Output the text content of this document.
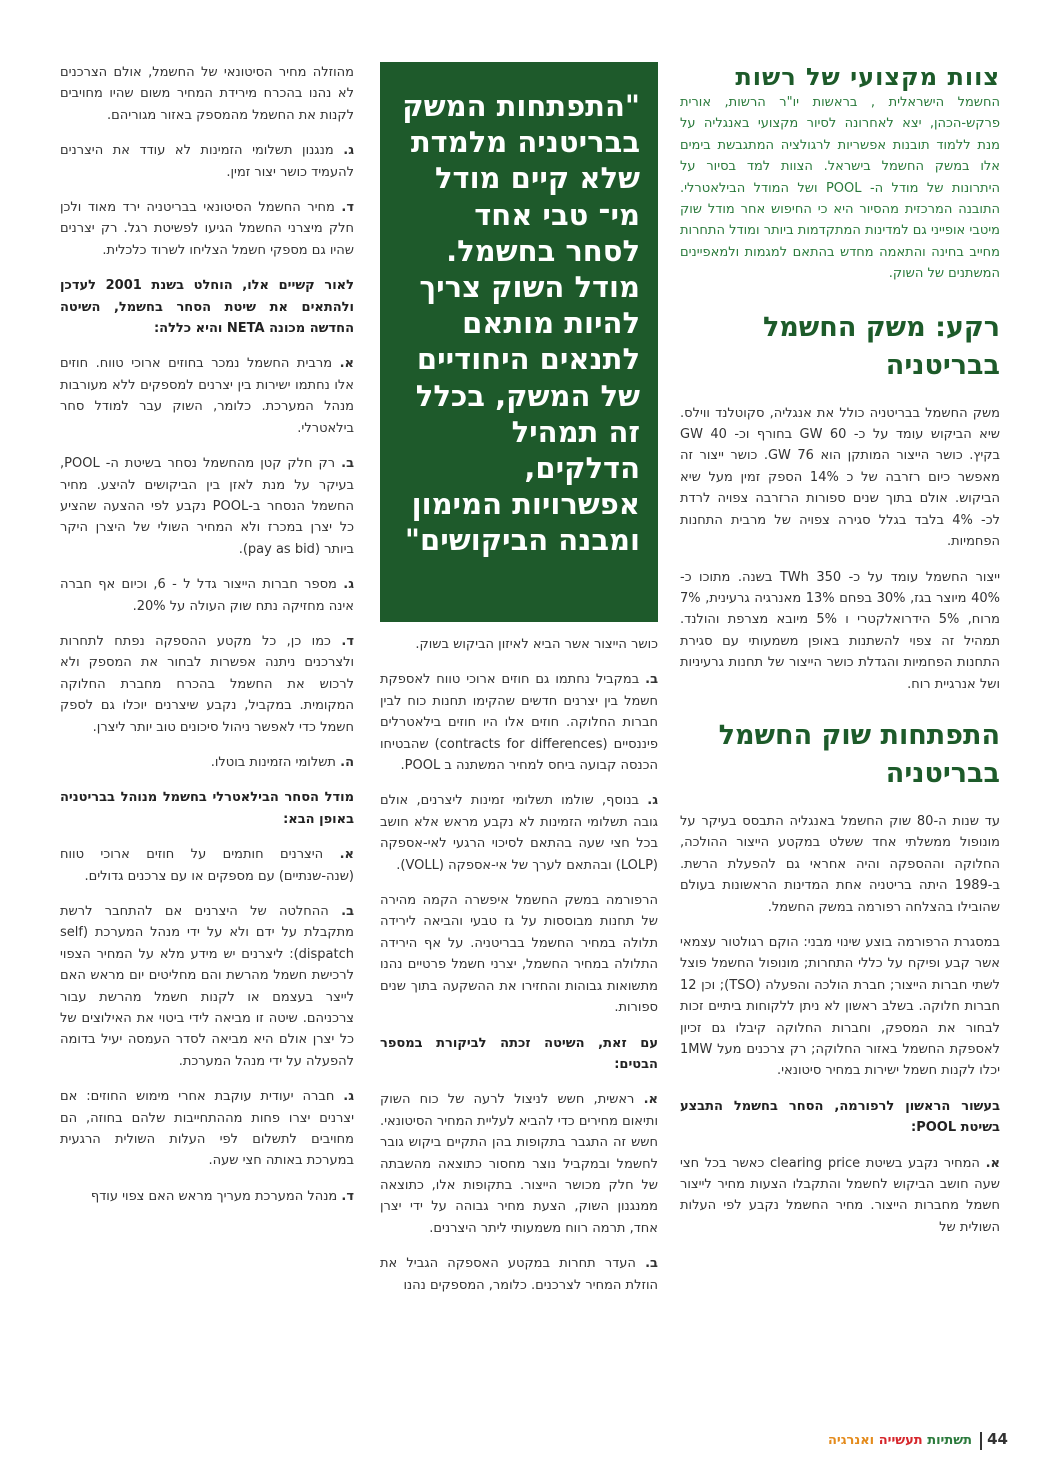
צוות מקצועי של רשות

החשמל הישראלית , בראשות יו"ר הרשות, אורית פרקש-הכהן, יצא לאחרונה לסיור מקצועי באנגליה על מנת ללמוד תובנות אפשריות לרגולציה המתגבשת בימים אלו במשק החשמל בישראל. הצוות למד בסיור על היתרונות של מודל ה- POOL ושל המודל הבילאטרלי. התובנה המרכזית מהסיור היא כי החיפוש אחר מודל שוק מיטבי אופייני גם למדינות המתקדמות ביותר ומודל התחרות מחייב בחינה והתאמה מחדש בהתאם למגמות ולמאפיינים המשתנים של השוק.

רקע: משק החשמל בבריטניה

משק החשמל בבריטניה כולל את אנגליה, סקוטלנד ווילס. שיא הביקוש עומד על כ- 60 GW בחורף וכ- GW 40 בקיץ. כושר הייצור המותקן הוא GW 76. כושר ייצור זה מאפשר כיום רזרבה של כ 14% הספק זמין מעל שיא הביקוש. אולם בתוך שנים ספורות הרזרבה צפויה לרדת לכ- 4% בלבד בגלל סגירה צפויה של מרבית התחנות הפחמיות.

ייצור החשמל עומד על כ- TWh 350 בשנה. מתוכו כ- 40% מיוצר בגז, 30% בפחם 13% מאנרגיה גרעינית, 7% מרוח, 5% הידרואלקטרי ו 5% מיובא מצרפת והולנד. תמהיל זה צפוי להשתנות באופן משמעותי עם סגירת התחנות הפחמיות והגדלת כושר הייצור של תחנות גרעיניות ושל אנרגיית רוח.

התפתחות שוק החשמל בבריטניה

עד שנות ה-80 שוק החשמל באנגליה התבסס בעיקר על מונופול ממשלתי אחד ששלט במקטע הייצור ההולכה, החלוקה וההספקה והיה אחראי גם להפעלת הרשת. ב-1989 היתה בריטניה אחת המדינות הראשונות בעולם שהובילו בהצלחה רפורמה במשק החשמל.

במסגרת הרפורמה בוצע שינוי מבני: הוקם רגולטור עצמאי אשר קבע ופיקח על כללי התחרות; מונופול החשמל פוצל לשתי חברות הייצור; חברת הולכה והפעלה (TSO); וכן 12 חברות חלוקה. בשלב ראשון לא ניתן ללקוחות ביתיים זכות לבחור את המספק, וחברות החלוקה קיבלו גם זכיון לאספקת החשמל באזור החלוקה; רק צרכנים מעל 1MW יכלו לקנות חשמל ישירות במחיר סיטונאי.

בעשור הראשון לרפורמה, הסחר בחשמל התבצע בשיטת POOL:

א. המחיר נקבע בשיטת clearing price כאשר בכל חצי שעה חושב הביקוש לחשמל והתקבלו הצעות מחיר לייצור חשמל מחברות הייצור. מחיר החשמל נקבע לפי העלות השולית של

"התפתחות המשק בבריטניה מלמדת שלא קיים מודל מי־ טבי אחד לסחר בחשמל. מודל השוק צריך להיות מותאם לתנאים היחודיים של המשק, בכלל זה תמהיל הדלקים, אפשרויות המימון ומבנה הביקושים"

כושר הייצור אשר הביא לאיזון הביקוש בשוק.

ב. במקביל נחתמו גם חוזים ארוכי טווח לאספקת חשמל בין יצרנים חדשים שהקימו תחנות כוח לבין חברות החלוקה. חוזים אלו היו חוזים בילאטרלים פיננסיים (contracts for differences) שהבטיחו הכנסה קבועה ביחס למחיר המשתנה ב POOL.

ג. בנוסף, שולמו תשלומי זמינות ליצרנים, אולם גובה תשלומי הזמינות לא נקבע מראש אלא חושב בכל חצי שעה בהתאם לסיכוי הרגעי לאי-אספקה (LOLP) ובהתאם לערך של אי-אספקה (VOLL).

הרפורמה במשק החשמל איפשרה הקמה מהירה של תחנות מבוססות על גז טבעי והביאה לירידה תלולה במחיר החשמל בבריטניה. על אף הירידה התלולה במחיר החשמל, יצרני חשמל פרטיים נהנו מתשואות גבוהות והחזירו את ההשקעה בתוך שנים ספורות.

עם זאת, השיטה זכתה לביקורת במספר הבטים:

א. ראשית, חשש לניצול לרעה של כוח השוק ותיאום מחירים כדי להביא לעליית המחיר הסיטונאי. חשש זה התגבר בתקופות בהן התקיים ביקוש גובר לחשמל ובמקביל נוצר מחסור כתוצאה מהשבתה של חלק מכושר הייצור. בתקופות אלו, כתוצאה ממנגנון השוק, הצעת מחיר גבוהה על ידי יצרן אחד, תרמה רווח משמעותי ליתר היצרנים.

ב. העדר תחרות במקטע האספקה הגביל את הוזלת המחיר לצרכנים. כלומר, המספקים נהנו

מהוזלה מחיר הסיטונאי של החשמל, אולם הצרכנים לא נהנו בהכרח מירידת המחיר משום שהיו מחויבים לקנות את החשמל מהמספק באזור מגוריהם.

ג. מנגנון תשלומי הזמינות לא עודד את היצרנים להעמיד כושר יצור זמין.

ד. מחיר החשמל הסיטונאי בבריטניה ירד מאוד ולכן חלק מיצרני החשמל הגיעו לפשיטת רגל. רק יצרנים שהיו גם מספקי חשמל הצליחו לשרוד כלכלית.

לאור קשיים אלו, הוחלט בשנת 2001 לעדכן ולהתאים את שיטת הסחר בחשמל, השיטה החדשה מכונה NETA והיא כללה:

א. מרבית החשמל נמכר בחוזים ארוכי טווח. חוזים אלו נחתמו ישירות בין יצרנים למספקים ללא מעורבות מנהל המערכת. כלומר, השוק עבר למודל סחר בילאטרלי.

ב. רק חלק קטן מהחשמל נסחר בשיטת ה- POOL, בעיקר על מנת לאזן בין הביקושים להיצע. מחיר החשמל הנסחר ב-POOL נקבע לפי ההצעה שהציע כל יצרן במכרז ולא המחיר השולי של היצרן היקר ביותר (pay as bid).

ג. מספר חברות הייצור גדל ל - 6, וכיום אף חברה אינה מחזיקה נתח שוק העולה על 20%.

ד. כמו כן, כל מקטע ההספקה נפתח לתחרות ולצרכנים ניתנה אפשרות לבחור את המספק ולא לרכוש את החשמל בהכרח מחברת החלוקה המקומית. במקביל, נקבע שיצרנים יוכלו גם לספק חשמל כדי לאפשר ניהול סיכונים טוב יותר ליצרן.

ה. תשלומי הזמינות בוטלו.

מודל הסחר הבילאטרלי בחשמל מנוהל בבריטניה באופן הבא:

א. היצרנים חותמים על חוזים ארוכי טווח (שנה-שנתיים) עם מספקים או עם צרכנים גדולים.

ב. ההחלטה של היצרנים אם להתחבר לרשת מתקבלת על ידם ולא על ידי מנהל המערכת (self dispatch): ליצרנים יש מידע מלא על המחיר הצפוי לרכישת חשמל מהרשת והם מחליטים יום מראש האם לייצר בעצמם או לקנות חשמל מהרשת עבור צרכניהם. שיטה זו מביאה לידי ביטוי את האילוצים של כל יצרן אולם היא מביאה לסדר העמסה יעיל בדומה להפעלה על ידי מנהל המערכת.

ג. חברה יעודית עוקבת אחרי מימוש החוזים: אם יצרנים יצרו פחות מההתחייבות שלהם בחוזה, הם מחויבים לתשלום לפי העלות השולית הרגעית במערכת באותה חצי שעה.

ד. מנהל המערכת מעריך מראש האם צפוי עודף

44
תשתיות תעשייה ואנרגיה
